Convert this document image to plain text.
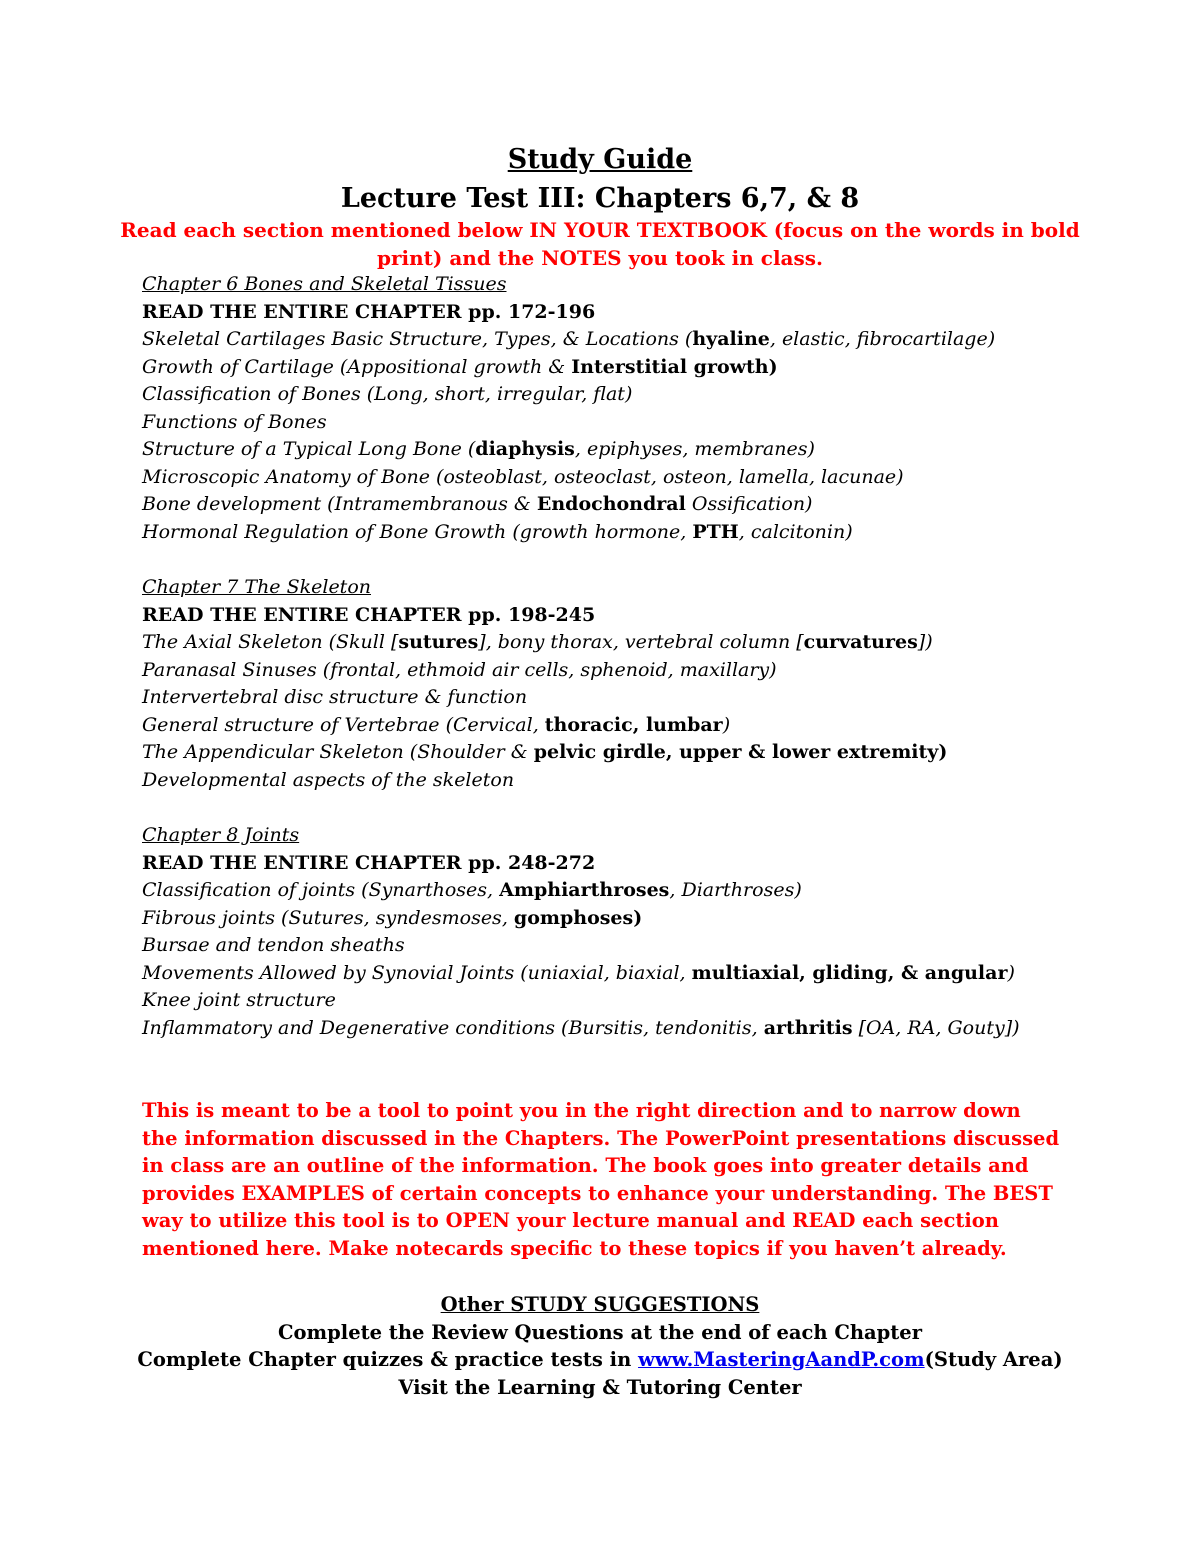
Study Guide
Lecture Test III: Chapters 6,7, & 8
Read each section mentioned below IN YOUR TEXTBOOK (focus on the words in bold print) and the NOTES you took in class.
Chapter 6 Bones and Skeletal Tissues
READ THE ENTIRE CHAPTER pp. 172-196
Skeletal Cartilages Basic Structure, Types, & Locations (hyaline, elastic, fibrocartilage)
Growth of Cartilage (Appositional growth & Interstitial growth)
Classification of Bones (Long, short, irregular, flat)
Functions of Bones
Structure of a Typical Long Bone (diaphysis, epiphyses, membranes)
Microscopic Anatomy of Bone (osteoblast, osteoclast, osteon, lamella, lacunae)
Bone development (Intramembranous & Endochondral Ossification)
Hormonal Regulation of Bone Growth (growth hormone, PTH, calcitonin)
Chapter 7 The Skeleton
READ THE ENTIRE CHAPTER pp. 198-245
The Axial Skeleton (Skull [sutures], bony thorax, vertebral column [curvatures])
Paranasal Sinuses (frontal, ethmoid air cells, sphenoid, maxillary)
Intervertebral disc structure & function
General structure of Vertebrae (Cervical, thoracic, lumbar)
The Appendicular Skeleton (Shoulder & pelvic girdle, upper & lower extremity)
Developmental aspects of the skeleton
Chapter 8 Joints
READ THE ENTIRE CHAPTER pp. 248-272
Classification of joints (Synarthoses, Amphiarthroses, Diarthroses)
Fibrous joints (Sutures, syndesmoses, gomphoses)
Bursae and tendon sheaths
Movements Allowed by Synovial Joints (uniaxial, biaxial, multiaxial, gliding, & angular)
Knee joint structure
Inflammatory and Degenerative conditions (Bursitis, tendonitis, arthritis [OA, RA, Gouty])
This is meant to be a tool to point you in the right direction and to narrow down the information discussed in the Chapters. The PowerPoint presentations discussed in class are an outline of the information. The book goes into greater details and provides EXAMPLES of certain concepts to enhance your understanding. The BEST way to utilize this tool is to OPEN your lecture manual and READ each section mentioned here. Make notecards specific to these topics if you haven’t already.
Other STUDY SUGGESTIONS
Complete the Review Questions at the end of each Chapter
Complete Chapter quizzes & practice tests in www.MasteringAandP.com(Study Area)
Visit the Learning & Tutoring Center
